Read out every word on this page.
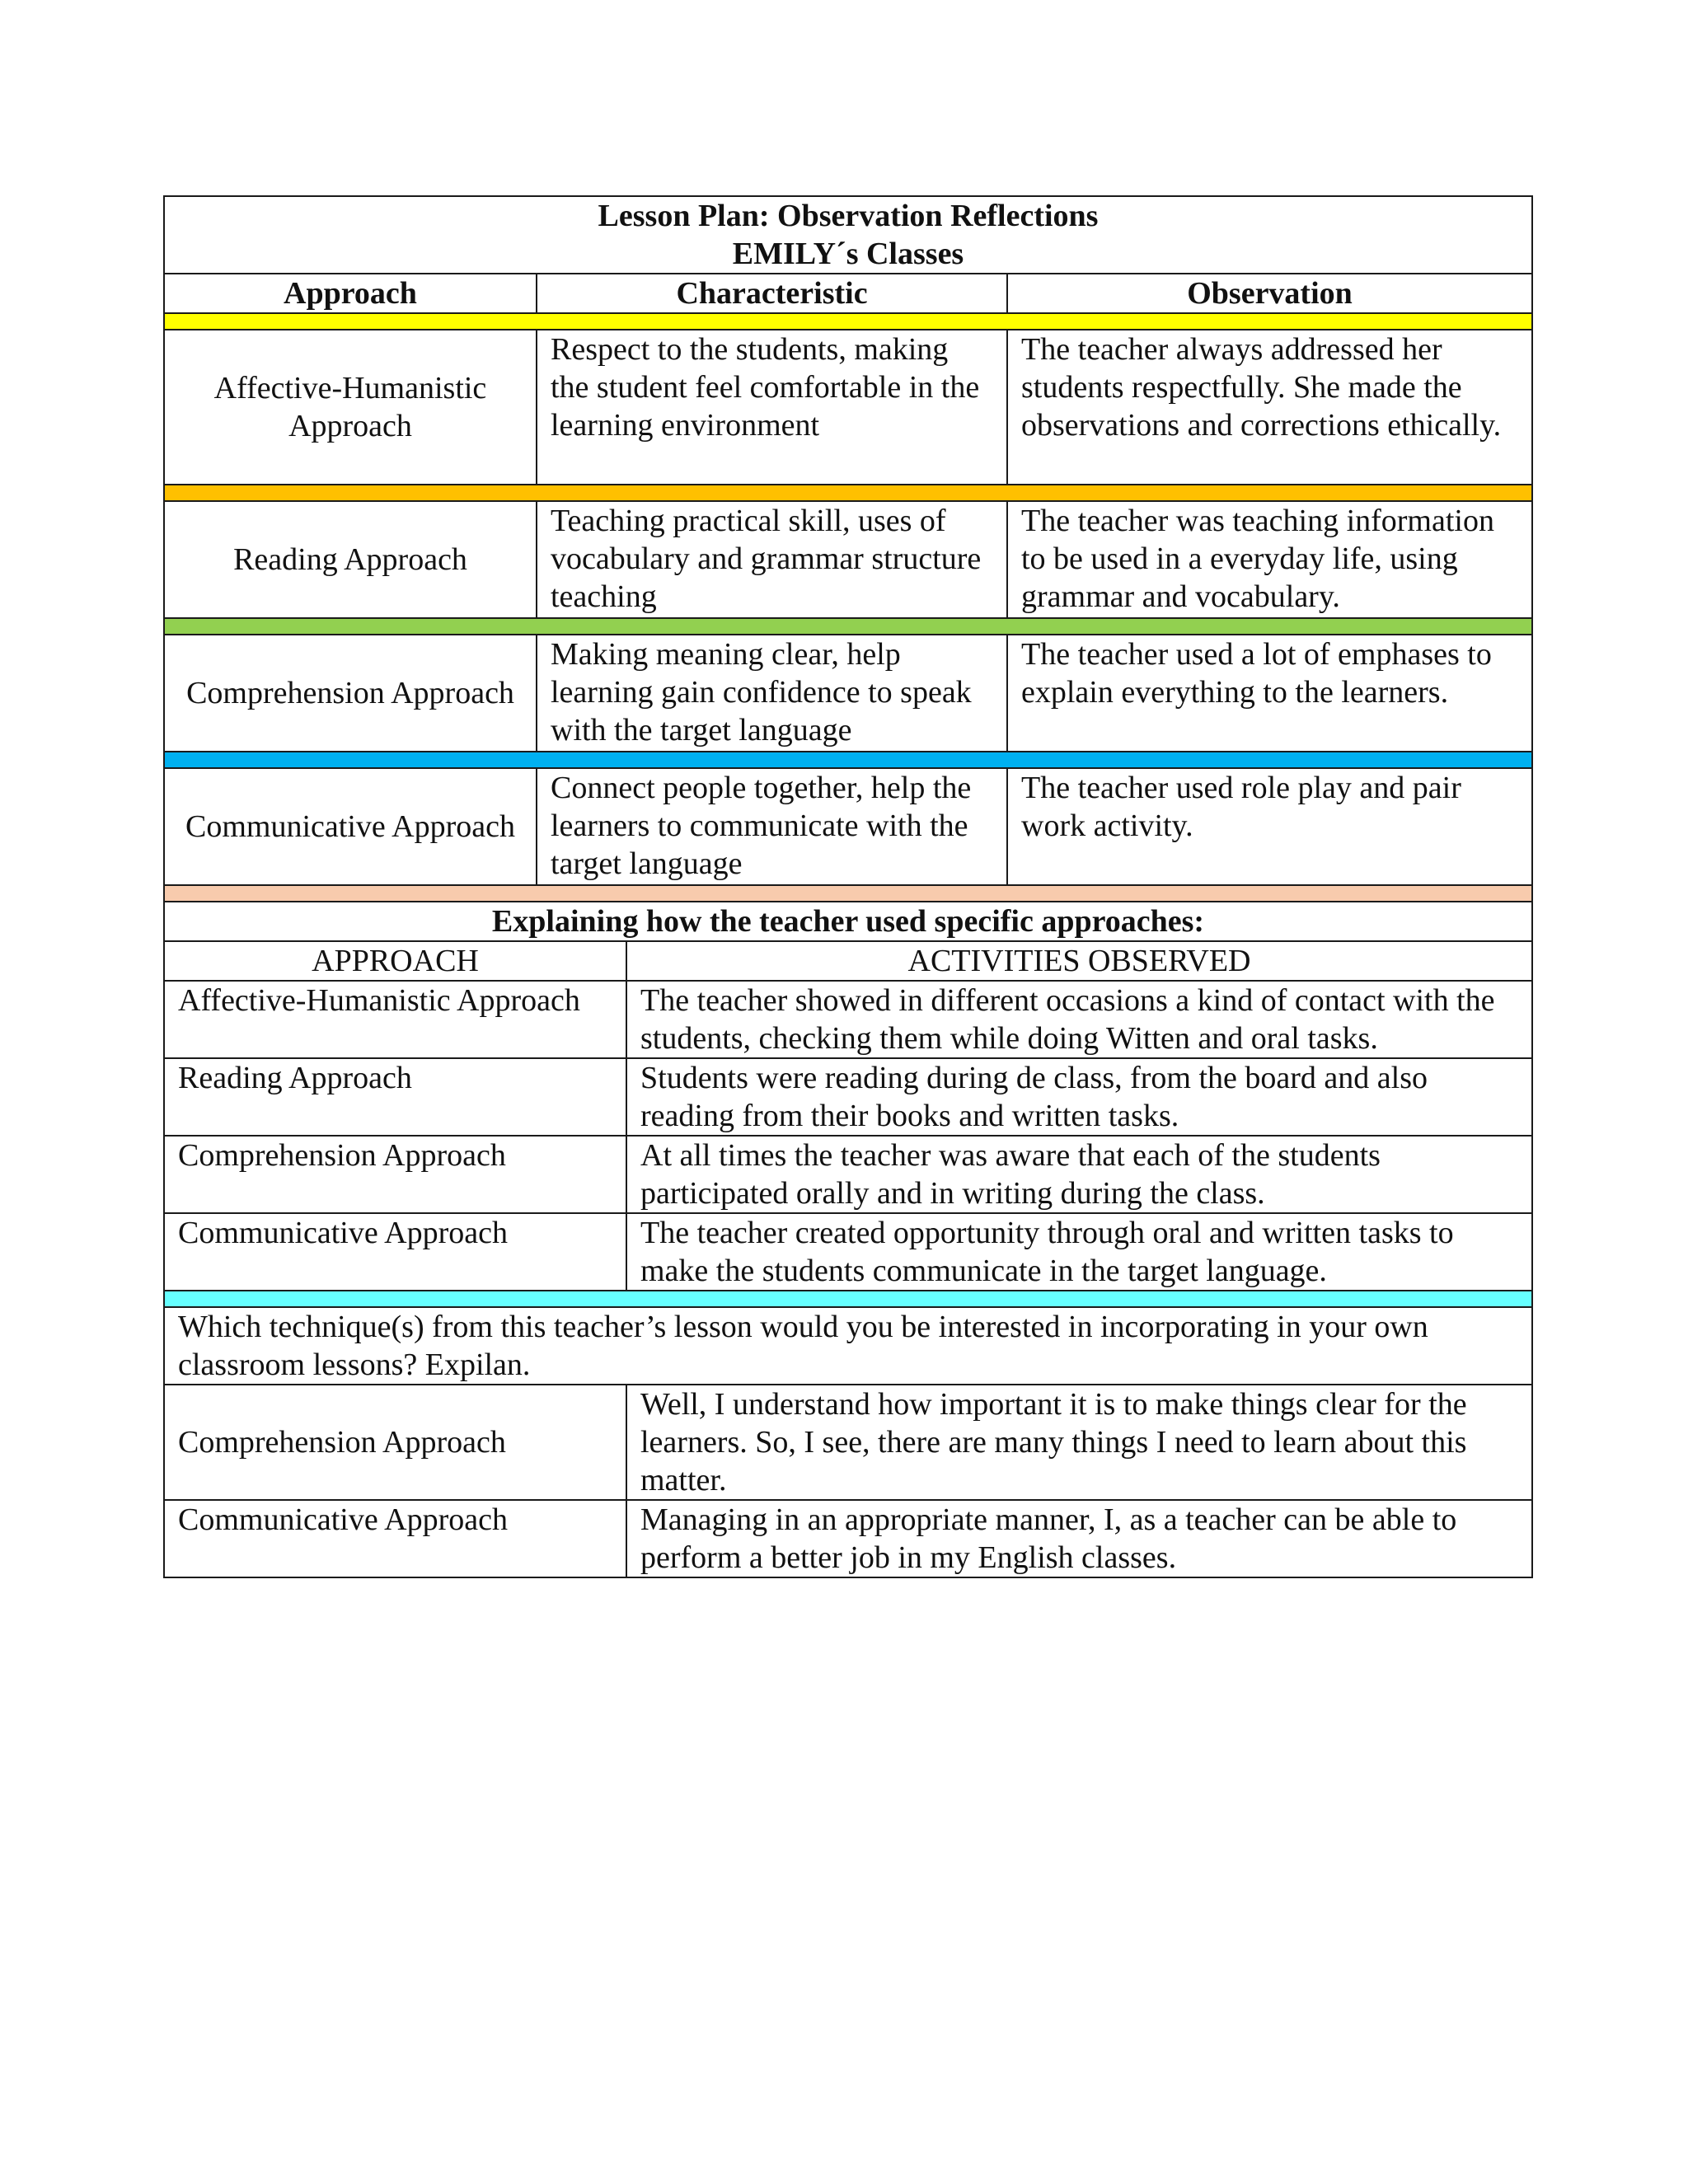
Lesson Plan: Observation Reflections
EMILY´s Classes			

Approach	Characteristic		Observation

Affective-Humanistic Approach	Respect to the students, making the student feel comfortable in the learning environment		The teacher always addressed her students respectfully. She made the observations and corrections ethically.

Reading Approach	Teaching practical skill, uses of vocabulary and grammar structure teaching		The teacher was teaching information to be used in a everyday life, using grammar and vocabulary.

Comprehension Approach	Making meaning clear, help learning gain confidence to speak with the target language		The teacher used a lot of emphases to explain everything to the learners.

Communicative Approach	Connect people together, help the learners to communicate with the target language		The teacher used role play and pair work activity.

Explaining how the teacher used specific approaches:			
APPROACH		ACTIVITIES OBSERVED	
Affective-Humanistic Approach		The teacher showed in different occasions a kind of contact with the students, checking them while doing Witten and oral tasks.	
Reading Approach		Students were reading during de class, from the board and also reading from their books and written tasks.	
Comprehension Approach		At all times the teacher was aware that each of the students participated orally and in writing during the class.	
Communicative Approach		The teacher created opportunity through oral and written tasks to make the students communicate in the target language.	

Which technique(s) from this teacher’s lesson would you be interested in incorporating in your own classroom lessons? Expilan.			
Comprehension Approach		Well, I understand how important it is to make things clear for the learners. So, I see, there are many things I need to learn about this matter.	
Communicative Approach		Managing in an appropriate manner, I, as a teacher can be able to perform a better job in my English classes.	
